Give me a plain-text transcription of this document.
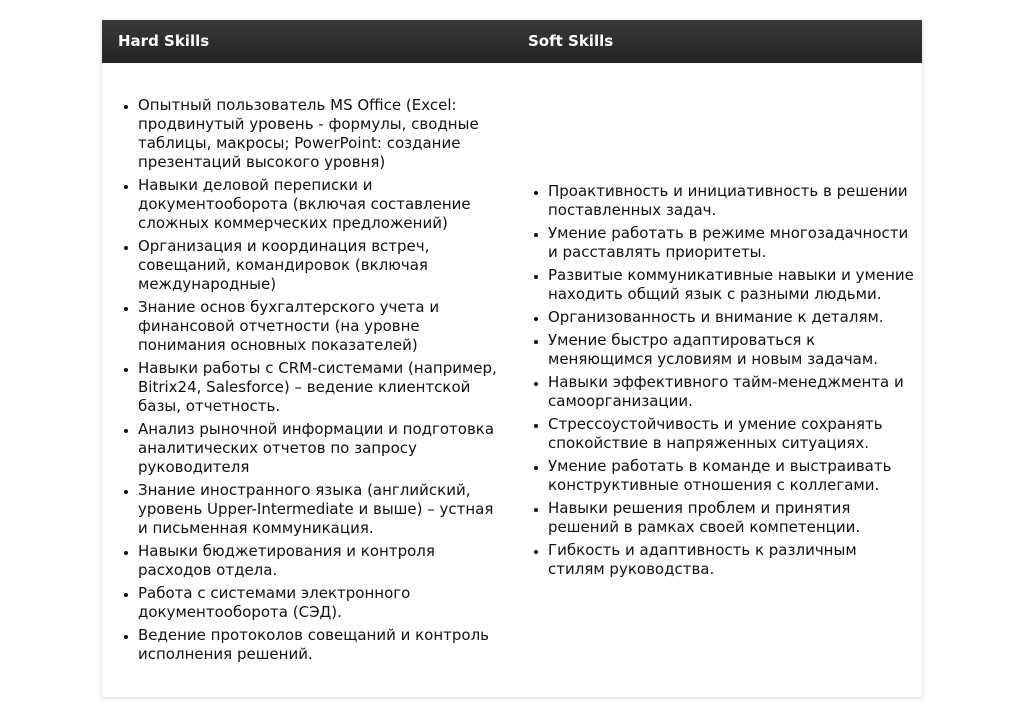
Hard Skills	Soft Skills
• Опытный пользователь MS Office (Excel: продвинутый уровень - формулы, сводные таблицы, макросы; PowerPoint: создание презентаций высокого уровня)
• Навыки деловой переписки и документооборота (включая составление сложных коммерческих предложений)
• Организация и координация встреч, совещаний, командировок (включая международные)
• Знание основ бухгалтерского учета и финансовой отчетности (на уровне понимания основных показателей)
• Навыки работы с CRM-системами (например, Bitrix24, Salesforce) – ведение клиентской базы, отчетность.
• Анализ рыночной информации и подготовка аналитических отчетов по запросу руководителя
• Знание иностранного языка (английский, уровень Upper-Intermediate и выше) – устная и письменная коммуникация.
• Навыки бюджетирования и контроля расходов отдела.
• Работа с системами электронного документооборота (СЭД).
• Ведение протоколов совещаний и контроль исполнения решений.
• Проактивность и инициативность в решении поставленных задач.
• Умение работать в режиме многозадачности и расставлять приоритеты.
• Развитые коммуникативные навыки и умение находить общий язык с разными людьми.
• Организованность и внимание к деталям.
• Умение быстро адаптироваться к меняющимся условиям и новым задачам.
• Навыки эффективного тайм-менеджмента и самоорганизации.
• Стрессоустойчивость и умение сохранять спокойствие в напряженных ситуациях.
• Умение работать в команде и выстраивать конструктивные отношения с коллегами.
• Навыки решения проблем и принятия решений в рамках своей компетенции.
• Гибкость и адаптивность к различным стилям руководства.
